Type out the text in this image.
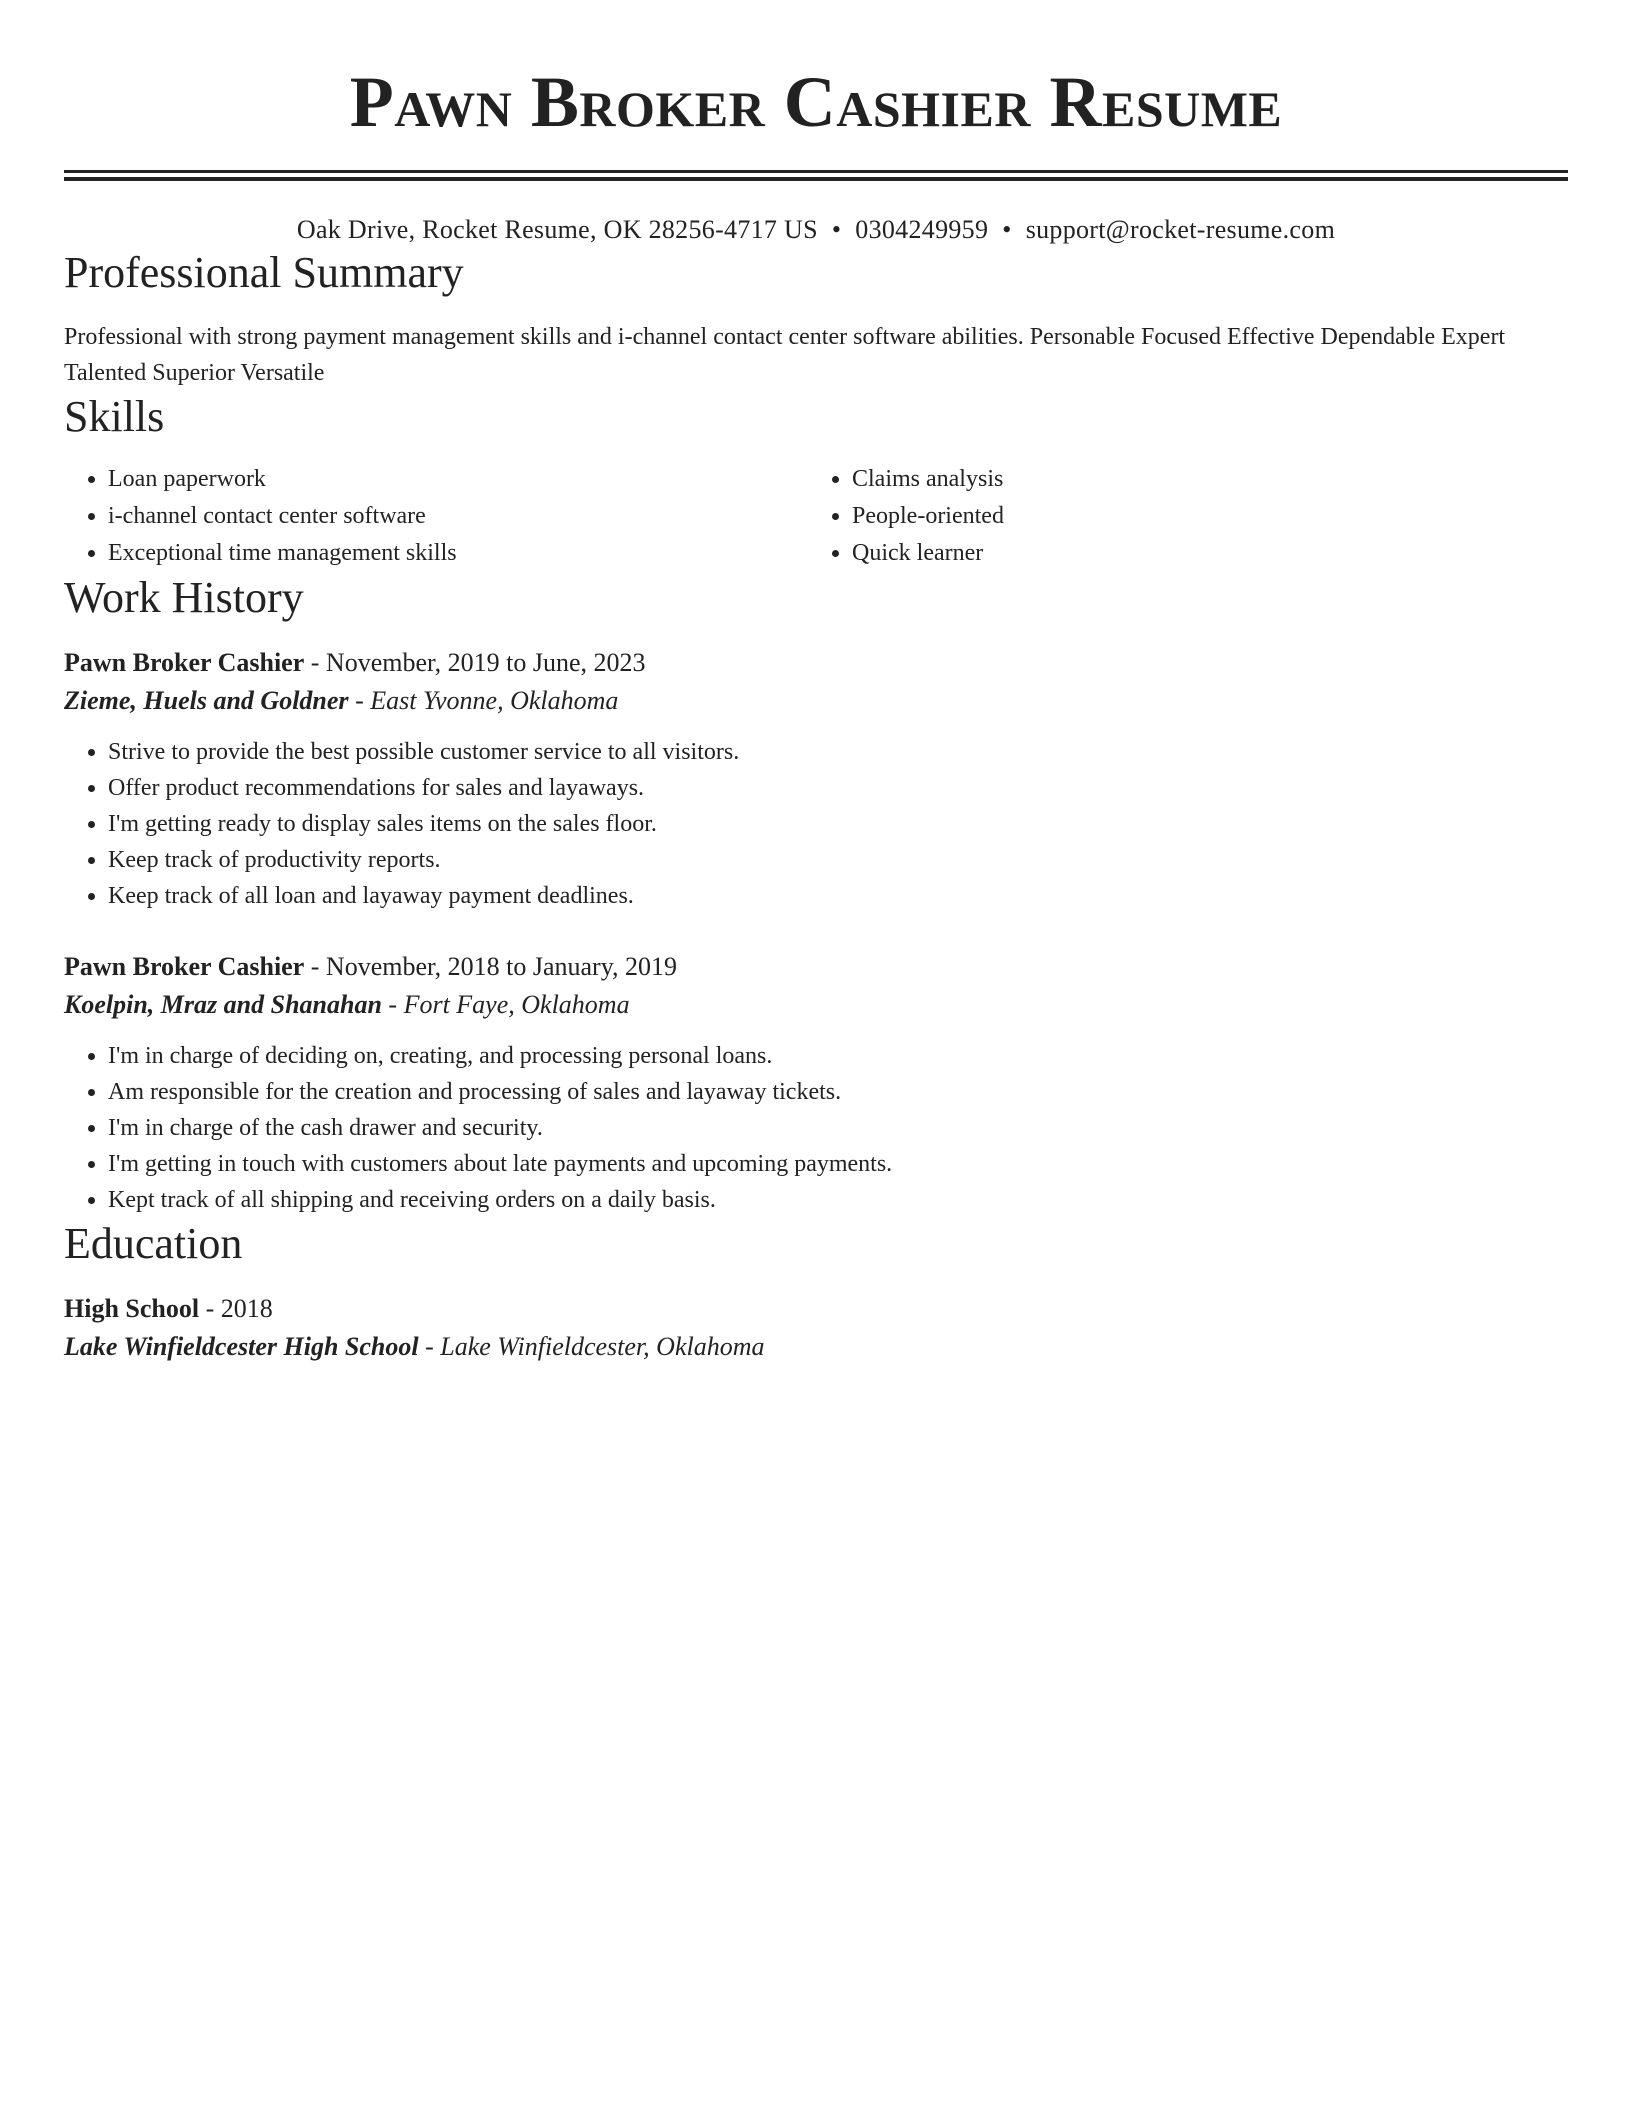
Pawn Broker Cashier Resume
Oak Drive, Rocket Resume, OK 28256-4717 US • 0304249959 • support@rocket-resume.com
Professional Summary

Professional with strong payment management skills and i-channel contact center software abilities. Personable Focused Effective Dependable Expert Talented Superior Versatile

Skills
• Loan paperwork
• i-channel contact center software
• Exceptional time management skills
• Claims analysis
• People-oriented
• Quick learner
Work History
Pawn Broker Cashier - November, 2019 to June, 2023
Zieme, Huels and Goldner - East Yvonne, Oklahoma
• Strive to provide the best possible customer service to all visitors.
• Offer product recommendations for sales and layaways.
• I'm getting ready to display sales items on the sales floor.
• Keep track of productivity reports.
• Keep track of all loan and layaway payment deadlines.
Pawn Broker Cashier - November, 2018 to January, 2019
Koelpin, Mraz and Shanahan - Fort Faye, Oklahoma
• I'm in charge of deciding on, creating, and processing personal loans.
• Am responsible for the creation and processing of sales and layaway tickets.
• I'm in charge of the cash drawer and security.
• I'm getting in touch with customers about late payments and upcoming payments.
• Kept track of all shipping and receiving orders on a daily basis.
Education
High School - 2018
Lake Winfieldcester High School - Lake Winfieldcester, Oklahoma
